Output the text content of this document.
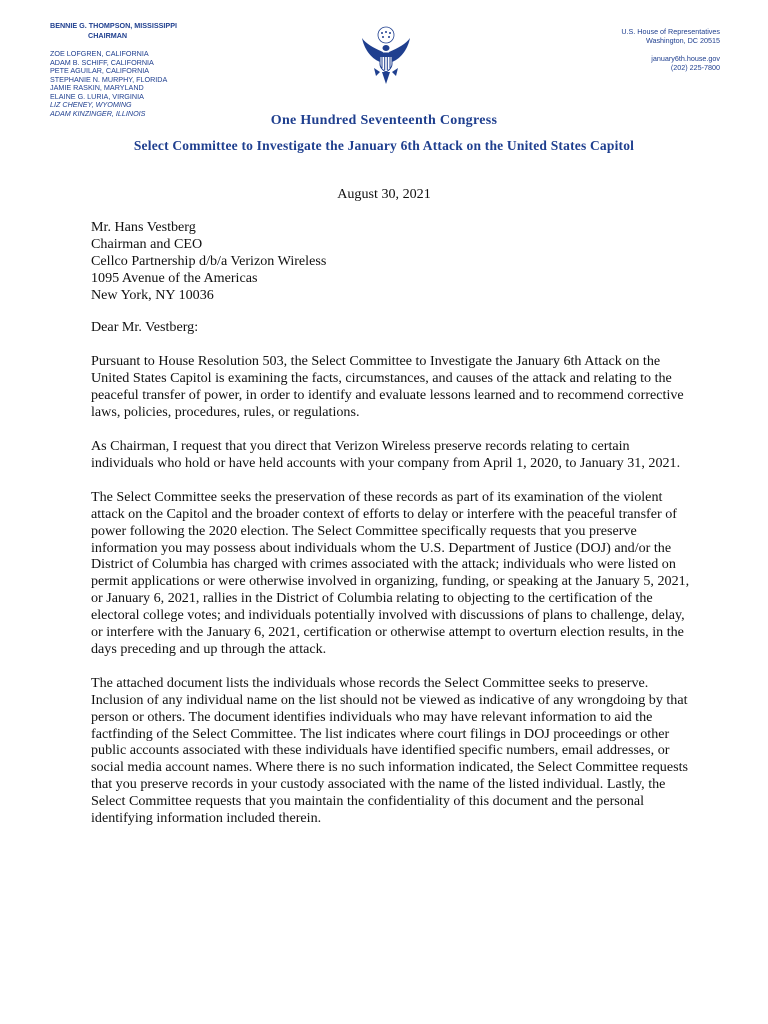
BENNIE G. THOMPSON, MISSISSIPPI
CHAIRMAN
ZOE LOFGREN, CALIFORNIA
ADAM B. SCHIFF, CALIFORNIA
PETE AGUILAR, CALIFORNIA
STEPHANIE N. MURPHY, FLORIDA
JAMIE RASKIN, MARYLAND
ELAINE G. LURIA, VIRGINIA
LIZ CHENEY, WYOMING
ADAM KINZINGER, ILLINOIS
U.S. House of Representatives
Washington, DC 20515
january6th.house.gov
(202) 225-7800
One Hundred Seventeenth Congress
Select Committee to Investigate the January 6th Attack on the United States Capitol

August 30, 2021

Mr. Hans Vestberg
Chairman and CEO
Cellco Partnership d/b/a Verizon Wireless
1095 Avenue of the Americas
New York, NY 10036

Dear Mr. Vestberg:

Pursuant to House Resolution 503, the Select Committee to Investigate the January 6th Attack on the United States Capitol is examining the facts, circumstances, and causes of the attack and relating to the peaceful transfer of power, in order to identify and evaluate lessons learned and to recommend corrective laws, policies, procedures, rules, or regulations.

As Chairman, I request that you direct that Verizon Wireless preserve records relating to certain individuals who hold or have held accounts with your company from April 1, 2020, to January 31, 2021.

The Select Committee seeks the preservation of these records as part of its examination of the violent attack on the Capitol and the broader context of efforts to delay or interfere with the peaceful transfer of power following the 2020 election. The Select Committee specifically requests that you preserve information you may possess about individuals whom the U.S. Department of Justice (DOJ) and/or the District of Columbia has charged with crimes associated with the attack; individuals who were listed on permit applications or were otherwise involved in organizing, funding, or speaking at the January 5, 2021, or January 6, 2021, rallies in the District of Columbia relating to objecting to the certification of the electoral college votes; and individuals potentially involved with discussions of plans to challenge, delay, or interfere with the January 6, 2021, certification or otherwise attempt to overturn election results, in the days preceding and up through the attack.

The attached document lists the individuals whose records the Select Committee seeks to preserve. Inclusion of any individual name on the list should not be viewed as indicative of any wrongdoing by that person or others. The document identifies individuals who may have relevant information to aid the factfinding of the Select Committee. The list indicates where court filings in DOJ proceedings or other public accounts associated with these individuals have identified specific numbers, email addresses, or social media account names. Where there is no such information indicated, the Select Committee requests that you preserve records in your custody associated with the name of the listed individual. Lastly, the Select Committee requests that you maintain the confidentiality of this document and the personal identifying information included therein.
